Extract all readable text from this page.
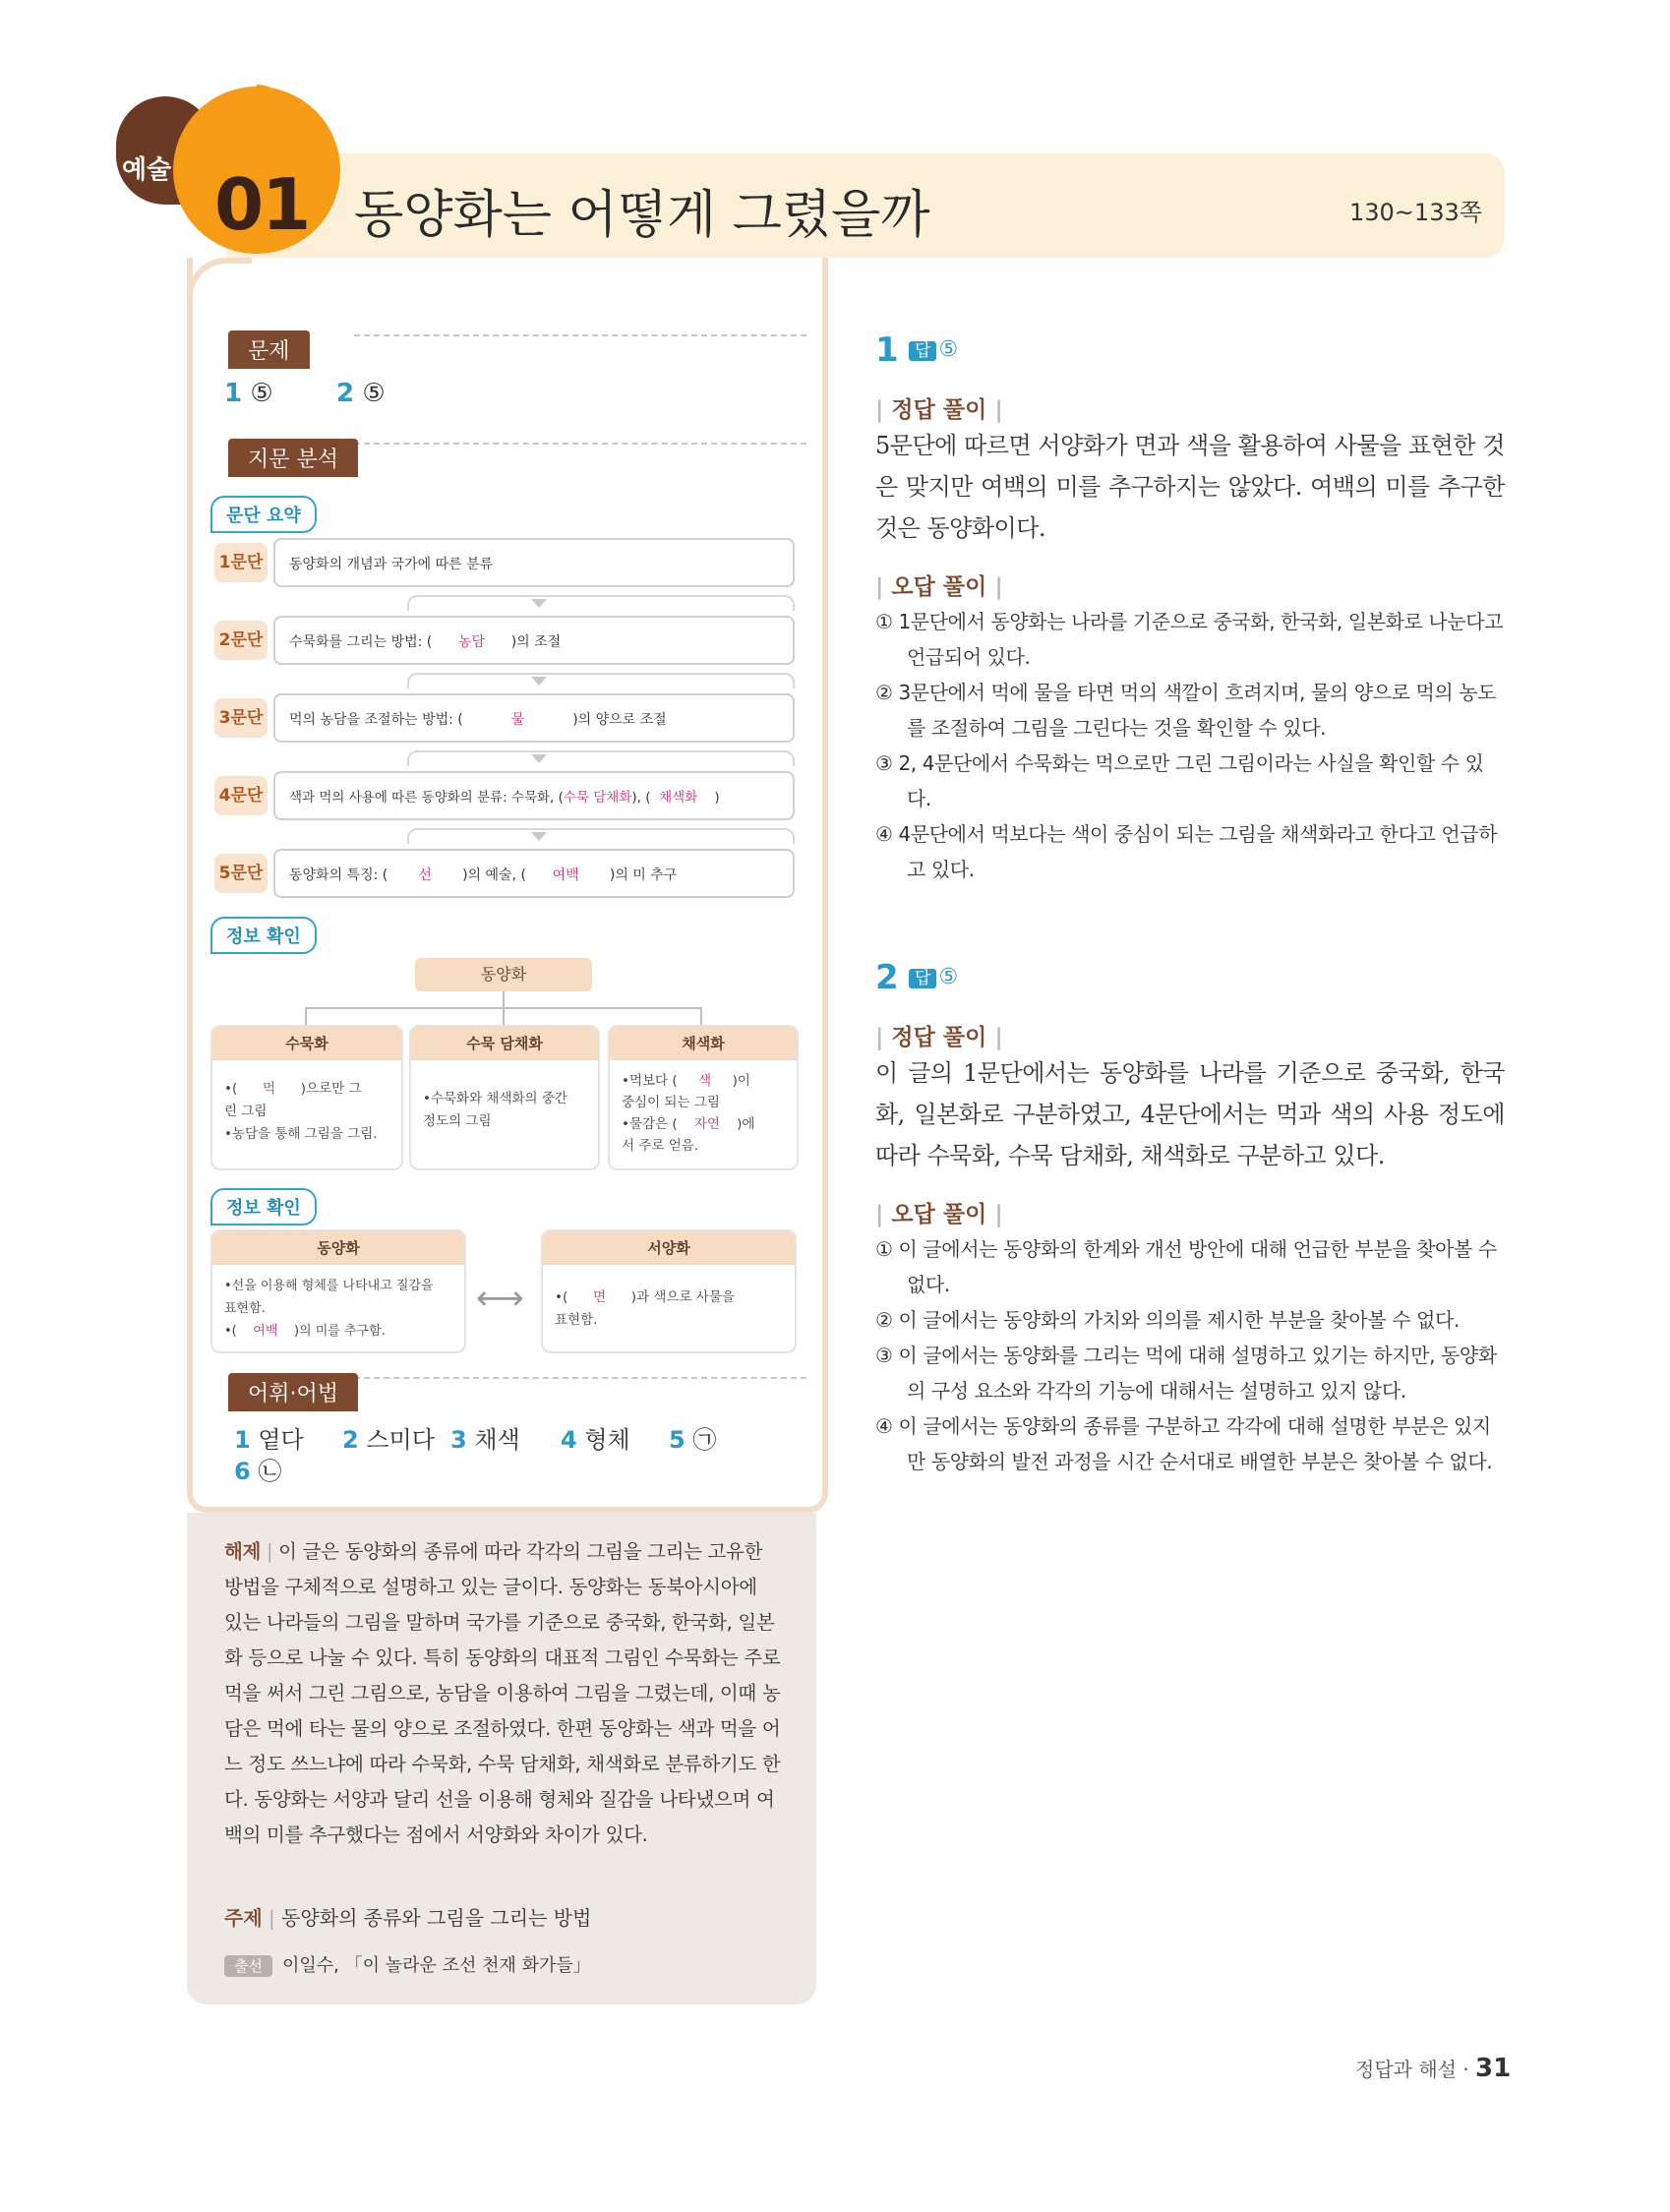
예술 01 동양화는 어떻게 그렸을까	130~133쪽
문제
1 ⑤ 2 ⑤
지문 분석
문단 요약
1문단	동양화의 개념과 국가에 따른 분류
2문단	수묵화를 그리는 방법: ( 농담 )의 조절
3문단	먹의 농담을 조절하는 방법: (	물	)의 양으로 조절
4문단	색과 먹의 사용에 따른 동양화의 분류: 수묵화, (수묵 담채화), ( 채색화 )
5문단	동양화의 특징: ( 선 )의 예술, ( 여백 )의 미 추구
정보 확인
동양화
수묵화
•( 먹 )으로만 그
린 그림
•농담을 통해 그림을 그림.
수묵 담채화
•수묵화와 채색화의 중간
정도의 그림
채색화
•먹보다 ( 색 )이
중심이 되는 그림
•물감은 ( 자연 )에
서 주로 얻음.
정보 확인
동양화
•선을 이용해 형체를 나타내고 질감을
표현함.
•( 여백 )의 미를 추구함.
⟷
서양화
•( 면 )과 색으로 사물을
표현함.
어휘·어법
1 옅다 2 스미다 3 채색 4 형체 5 ㉠
6 ㉡
해제 | 이 글은 동양화의 종류에 따라 각각의 그림을 그리는 고유한 방법을 구체적으로 설명하고 있는 글이다. 동양화는 동북아시아에 있는 나라들의 그림을 말하며 국가를 기준으로 중국화, 한국화, 일본화 등으로 나눌 수 있다. 특히 동양화의 대표적 그림인 수묵화는 주로 먹을 써서 그린 그림으로, 농담을 이용하여 그림을 그렸는데, 이때 농담은 먹에 타는 물의 양으로 조절하였다. 한편 동양화는 색과 먹을 어느 정도 쓰느냐에 따라 수묵화, 수묵 담채화, 채색화로 분류하기도 한다. 동양화는 서양과 달리 선을 이용해 형체와 질감을 나타냈으며 여백의 미를 추구했다는 점에서 서양화와 차이가 있다.
주제 | 동양화의 종류와 그림을 그리는 방법
출선 이일수, 「이 놀라운 조선 천재 화가들」
1 답 ⑤
| 정답 풀이 |
5문단에 따르면 서양화가 면과 색을 활용하여 사물을 표현한 것은 맞지만 여백의 미를 추구하지는 않았다. 여백의 미를 추구한 것은 동양화이다.
| 오답 풀이 |
① 1문단에서 동양화는 나라를 기준으로 중국화, 한국화, 일본화로 나눈다고 언급되어 있다.
② 3문단에서 먹에 물을 타면 먹의 색깔이 흐려지며, 물의 양으로 먹의 농도를 조절하여 그림을 그린다는 것을 확인할 수 있다.
③ 2, 4문단에서 수묵화는 먹으로만 그린 그림이라는 사실을 확인할 수 있다.
④ 4문단에서 먹보다는 색이 중심이 되는 그림을 채색화라고 한다고 언급하고 있다.
2 답 ⑤
| 정답 풀이 |
이 글의 1문단에서는 동양화를 나라를 기준으로 중국화, 한국화, 일본화로 구분하였고, 4문단에서는 먹과 색의 사용 정도에 따라 수묵화, 수묵 담채화, 채색화로 구분하고 있다.
| 오답 풀이 |
① 이 글에서는 동양화의 한계와 개선 방안에 대해 언급한 부분을 찾아볼 수 없다.
② 이 글에서는 동양화의 가치와 의의를 제시한 부분을 찾아볼 수 없다.
③ 이 글에서는 동양화를 그리는 먹에 대해 설명하고 있기는 하지만, 동양화의 구성 요소와 각각의 기능에 대해서는 설명하고 있지 않다.
④ 이 글에서는 동양화의 종류를 구분하고 각각에 대해 설명한 부분은 있지만 동양화의 발전 과정을 시간 순서대로 배열한 부분은 찾아볼 수 없다.
정답과 해설 · 31
